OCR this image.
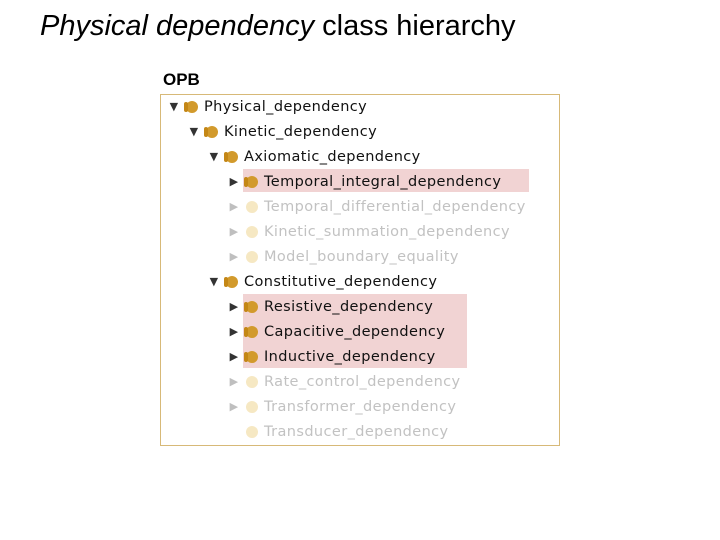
Physical dependency class hierarchy
OPB
▼ Physical_dependency
▼ Kinetic_dependency
▼ Axiomatic_dependency
▶ Temporal_integral_dependency
▶ Temporal_differential_dependency
▶ Kinetic_summation_dependency
▶ Model_boundary_equality
▼ Constitutive_dependency
▶ Resistive_dependency
▶ Capacitive_dependency
▶ Inductive_dependency
▶ Rate_control_dependency
▶ Transformer_dependency
Transducer_dependency
